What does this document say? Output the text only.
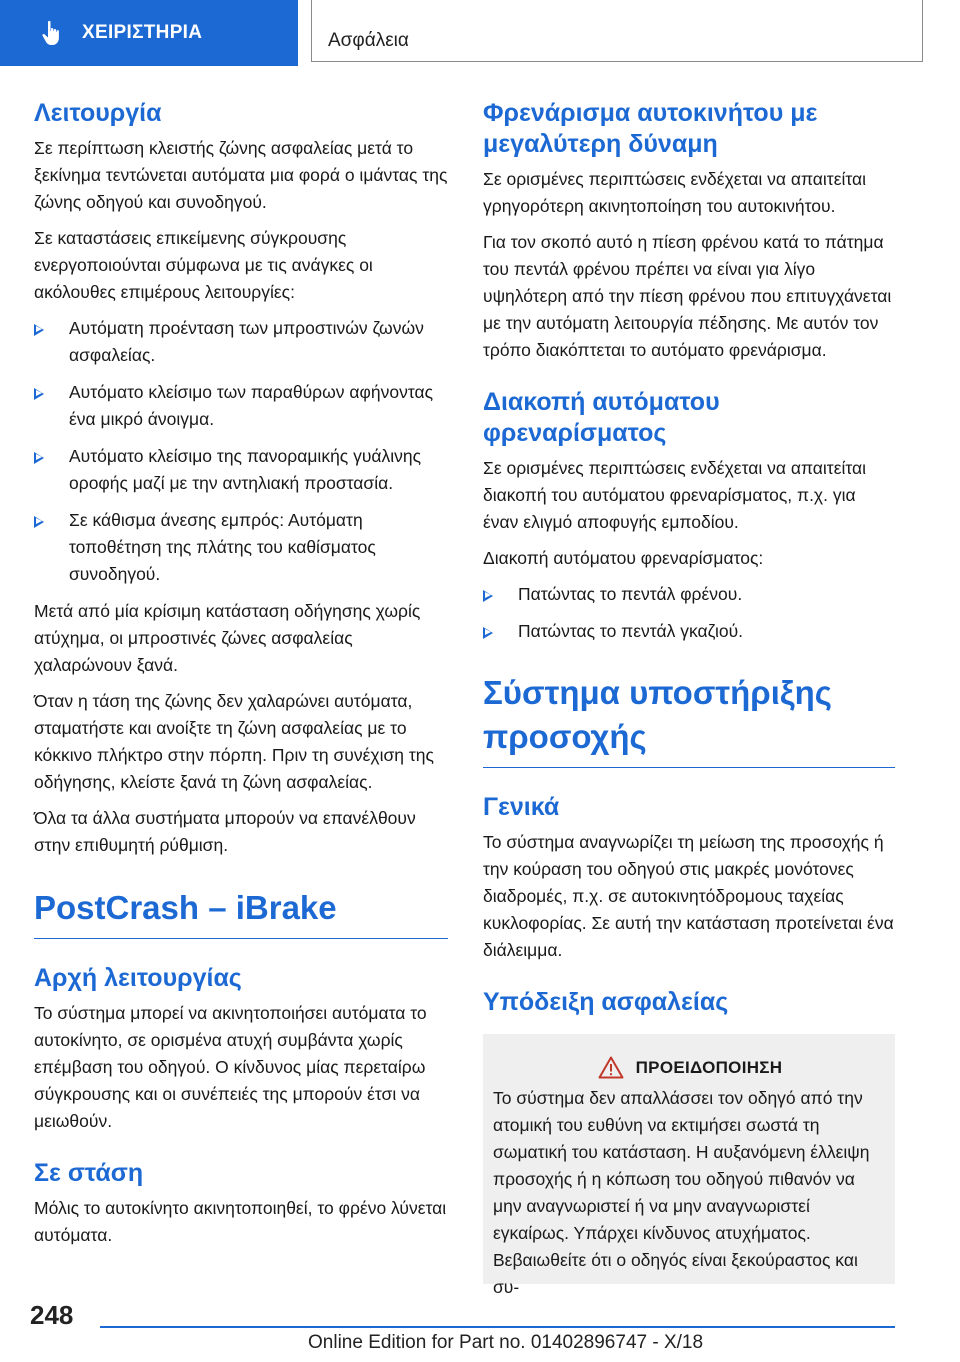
ΧΕΙΡΙΣΤΗΡΙΑ	Ασφάλεια
Λειτουργία

Σε περίπτωση κλειστής ζώνης ασφαλείας μετά το ξεκίνημα τεντώνεται αυτόματα μια φορά ο ιμάντας της ζώνης οδηγού και συνοδηγού.

Σε καταστάσεις επικείμενης σύγκρουσης ενεργοποιούνται σύμφωνα με τις ανάγκες οι ακόλουθες επιμέρους λειτουργίες:

Αυτόματη προένταση των μπροστινών ζωνών ασφαλείας.
Αυτόματο κλείσιμο των παραθύρων αφήνοντας ένα μικρό άνοιγμα.
Αυτόματο κλείσιμο της πανοραμικής γυάλινης οροφής μαζί με την αντηλιακή προστασία.
Σε κάθισμα άνεσης εμπρός: Αυτόματη τοποθέτηση της πλάτης του καθίσματος συνοδηγού.

Μετά από μία κρίσιμη κατάσταση οδήγησης χωρίς ατύχημα, οι μπροστινές ζώνες ασφαλείας χαλαρώνουν ξανά.

Όταν η τάση της ζώνης δεν χαλαρώνει αυτόματα, σταματήστε και ανοίξτε τη ζώνη ασφαλείας με το κόκκινο πλήκτρο στην πόρπη. Πριν τη συνέχιση της οδήγησης, κλείστε ξανά τη ζώνη ασφαλείας.

Όλα τα άλλα συστήματα μπορούν να επανέλθουν στην επιθυμητή ρύθμιση.

PostCrash – iBrake
Αρχή λειτουργίας

Το σύστημα μπορεί να ακινητοποιήσει αυτόματα το αυτοκίνητο, σε ορισμένα ατυχή συμβάντα χωρίς επέμβαση του οδηγού. Ο κίνδυνος μίας περεταίρω σύγκρουσης και οι συνέπειές της μπορούν έτσι να μειωθούν.

Σε στάση

Μόλις το αυτοκίνητο ακινητοποιηθεί, το φρένο λύνεται αυτόματα.

Φρενάρισμα αυτοκινήτου με μεγαλύτερη δύναμη

Σε ορισμένες περιπτώσεις ενδέχεται να απαιτείται γρηγορότερη ακινητοποίηση του αυτοκινήτου.

Για τον σκοπό αυτό η πίεση φρένου κατά το πάτημα του πεντάλ φρένου πρέπει να είναι για λίγο υψηλότερη από την πίεση φρένου που επιτυγχάνεται με την αυτόματη λειτουργία πέδησης. Με αυτόν τον τρόπο διακόπτεται το αυτόματο φρενάρισμα.

Διακοπή αυτόματου φρεναρίσματος

Σε ορισμένες περιπτώσεις ενδέχεται να απαιτείται διακοπή του αυτόματου φρεναρίσματος, π.χ. για έναν ελιγμό αποφυγής εμποδίου.

Διακοπή αυτόματου φρεναρίσματος:

Πατώντας το πεντάλ φρένου.
Πατώντας το πεντάλ γκαζιού.
Σύστημα υποστήριξης προσοχής
Γενικά

Το σύστημα αναγνωρίζει τη μείωση της προσοχής ή την κούραση του οδηγού στις μακρές μονότονες διαδρομές, π.χ. σε αυτοκινητόδρομους ταχείας κυκλοφορίας. Σε αυτή την κατάσταση προτείνεται ένα διάλειμμα.

Υπόδειξη ασφαλείας
ΠΡΟΕΙΔΟΠΟΙΗΣΗ

Το σύστημα δεν απαλλάσσει τον οδηγό από την ατομική του ευθύνη να εκτιμήσει σωστά τη σωματική του κατάσταση. Η αυξανόμενη έλλειψη προσοχής ή η κόπωση του οδηγού πιθανόν να μην αναγνωριστεί ή να μην αναγνωριστεί εγκαίρως. Υπάρχει κίνδυνος ατυχήματος. Βεβαιωθείτε ότι ο οδηγός είναι ξεκούραστος και συ-

248
Online Edition for Part no. 01402896747 - X/18
